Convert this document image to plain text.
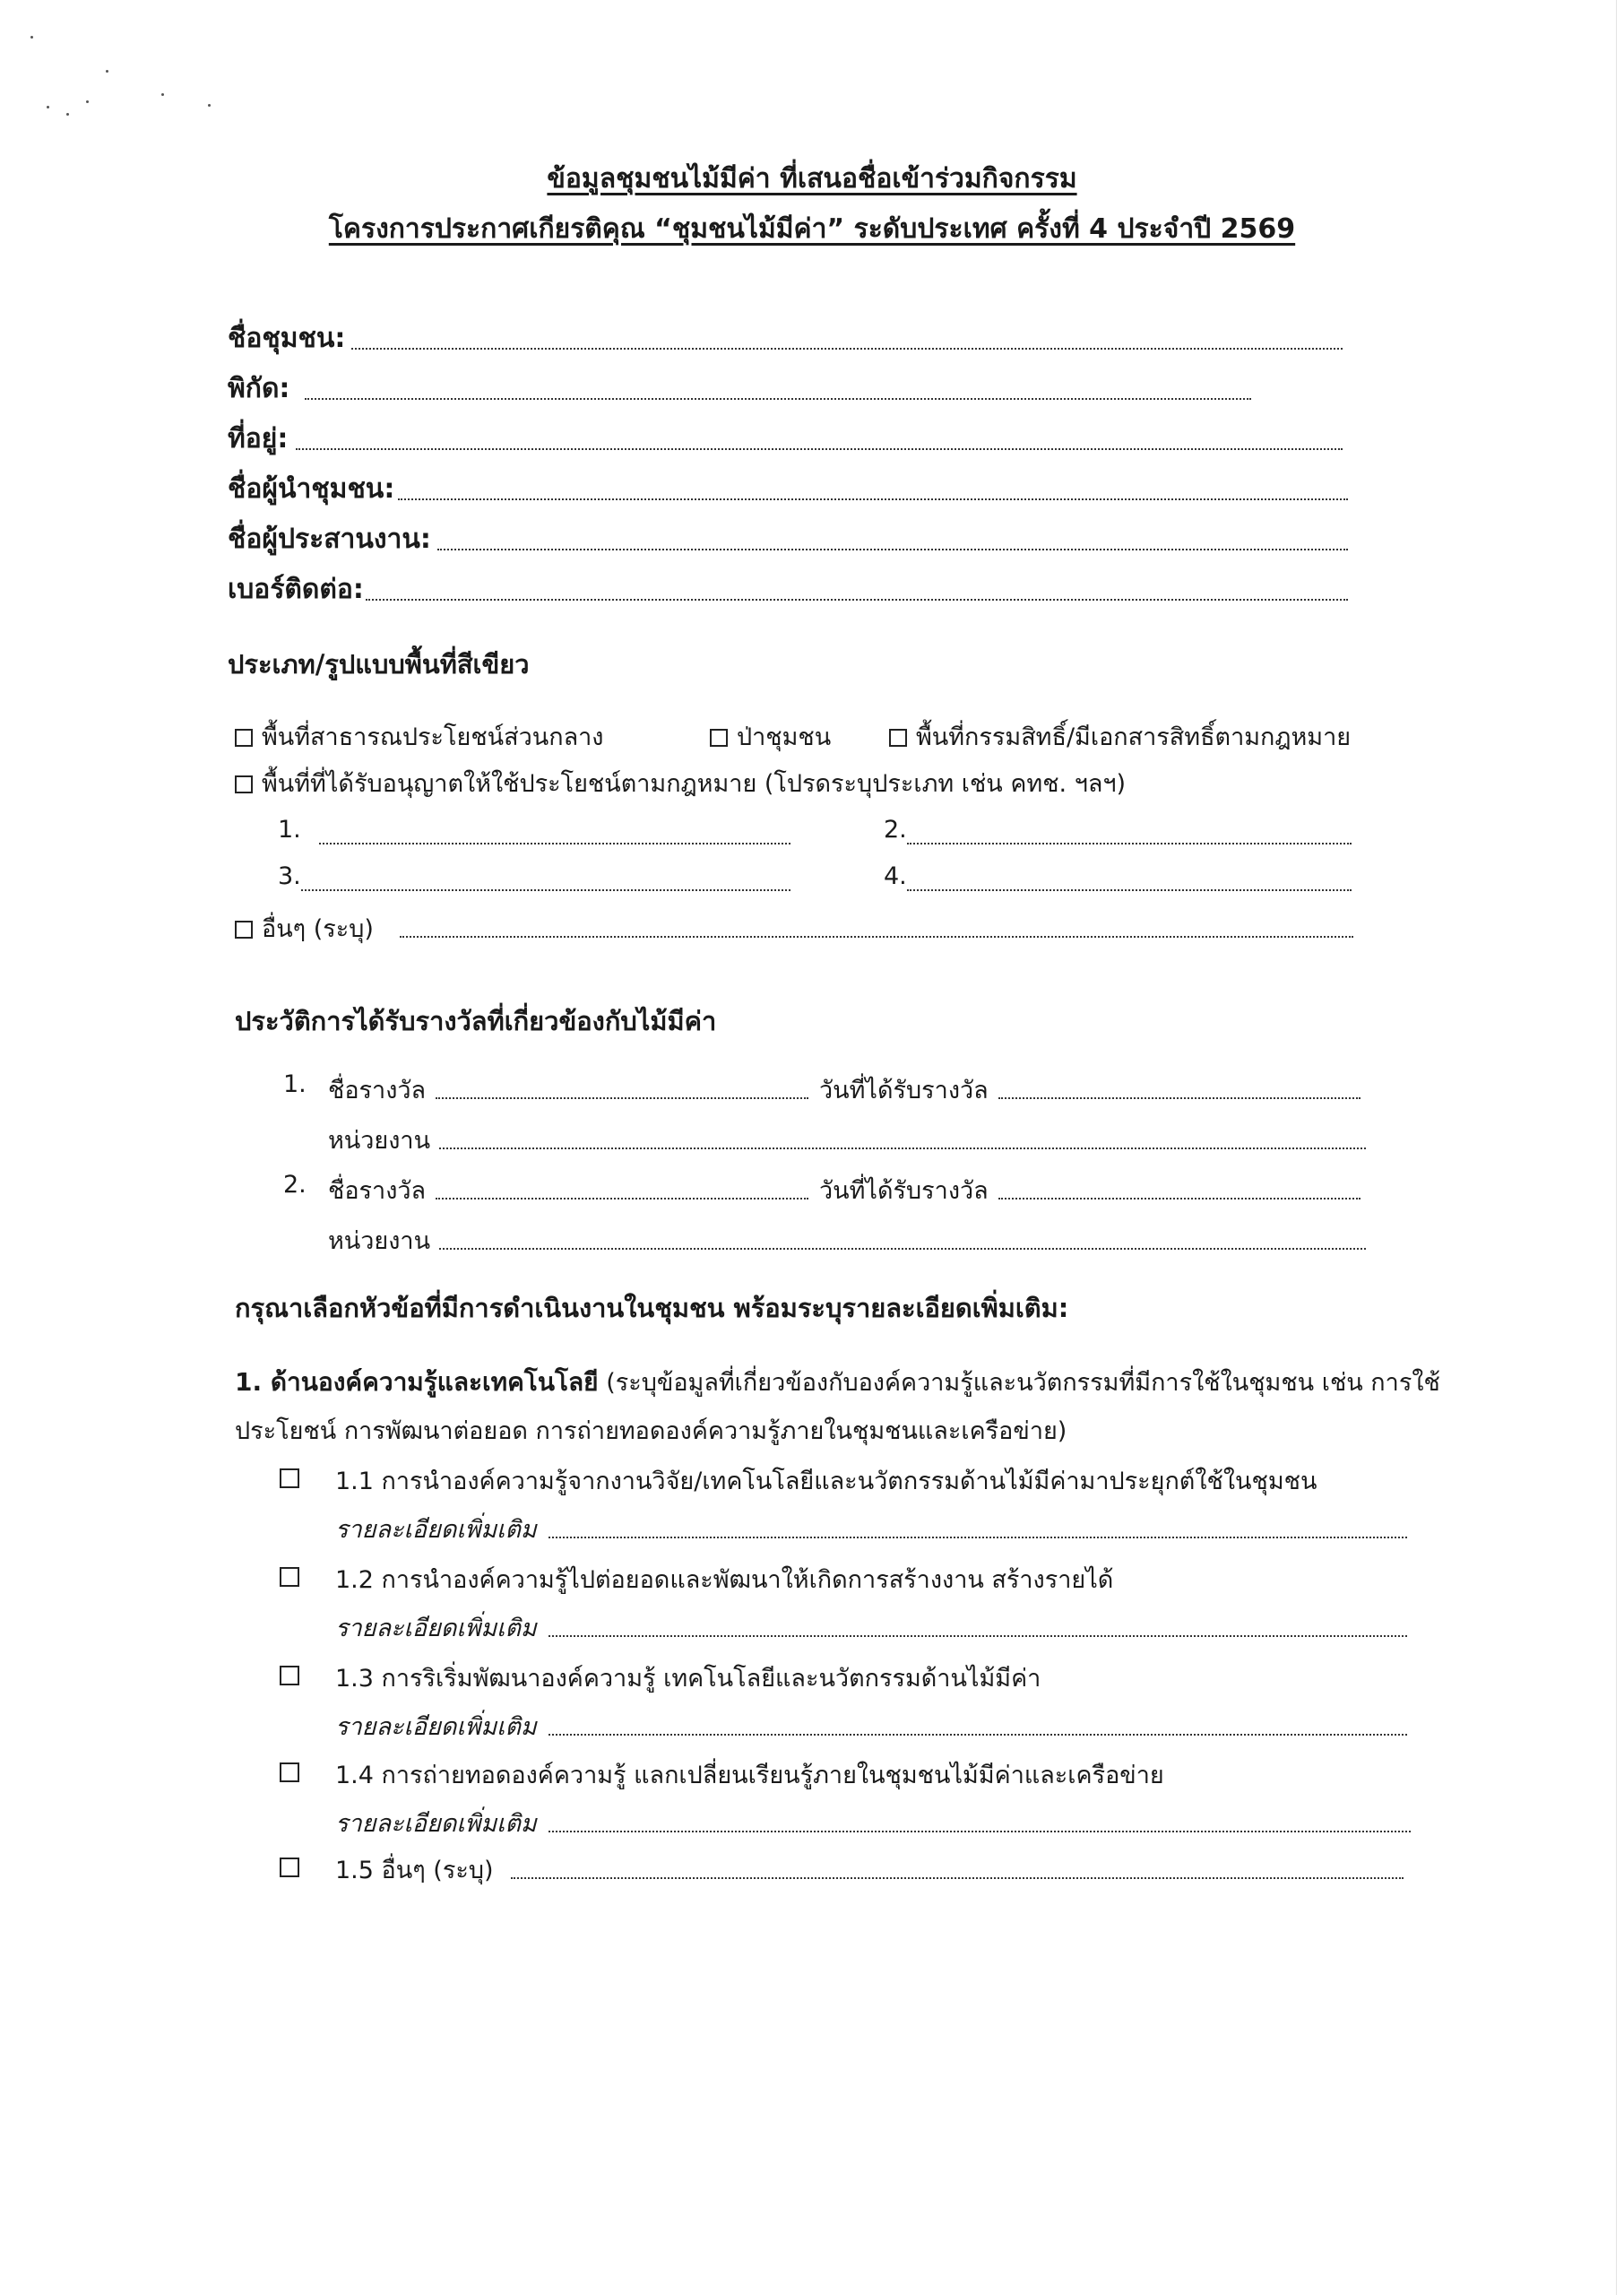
ข้อมูลชุมชนไม้มีค่า ที่เสนอชื่อเข้าร่วมกิจกรรม
โครงการประกาศเกียรติคุณ “ชุมชนไม้มีค่า” ระดับประเทศ ครั้งที่ 4 ประจำปี 2569
ชื่อชุมชน:
พิกัด:
ที่อยู่:
ชื่อผู้นำชุมชน:
ชื่อผู้ประสานงาน:
เบอร์ติดต่อ:
ประเภท/รูปแบบพื้นที่สีเขียว
พื้นที่สาธารณประโยชน์ส่วนกลาง	ป่าชุมชน	พื้นที่กรรมสิทธิ์/มีเอกสารสิทธิ์ตามกฎหมาย
พื้นที่ที่ได้รับอนุญาตให้ใช้ประโยชน์ตามกฎหมาย (โปรดระบุประเภท เช่น คทช. ฯลฯ)
1.	2.
3.	4.
อื่นๆ (ระบุ)
ประวัติการได้รับรางวัลที่เกี่ยวข้องกับไม้มีค่า
1. ชื่อรางวัล	วันที่ได้รับรางวัล
หน่วยงาน
2. ชื่อรางวัล	วันที่ได้รับรางวัล
หน่วยงาน
กรุณาเลือกหัวข้อที่มีการดำเนินงานในชุมชน พร้อมระบุรายละเอียดเพิ่มเติม:
1. ด้านองค์ความรู้และเทคโนโลยี (ระบุข้อมูลที่เกี่ยวข้องกับองค์ความรู้และนวัตกรรมที่มีการใช้ในชุมชน เช่น การใช้
ประโยชน์ การพัฒนาต่อยอด การถ่ายทอดองค์ความรู้ภายในชุมชนและเครือข่าย)
1.1 การนำองค์ความรู้จากงานวิจัย/เทคโนโลยีและนวัตกรรมด้านไม้มีค่ามาประยุกต์ใช้ในชุมชน
รายละเอียดเพิ่มเติม
1.2 การนำองค์ความรู้ไปต่อยอดและพัฒนาให้เกิดการสร้างงาน สร้างรายได้
รายละเอียดเพิ่มเติม
1.3 การริเริ่มพัฒนาองค์ความรู้ เทคโนโลยีและนวัตกรรมด้านไม้มีค่า
รายละเอียดเพิ่มเติม
1.4 การถ่ายทอดองค์ความรู้ แลกเปลี่ยนเรียนรู้ภายในชุมชนไม้มีค่าและเครือข่าย
รายละเอียดเพิ่มเติม
1.5 อื่นๆ (ระบุ)
